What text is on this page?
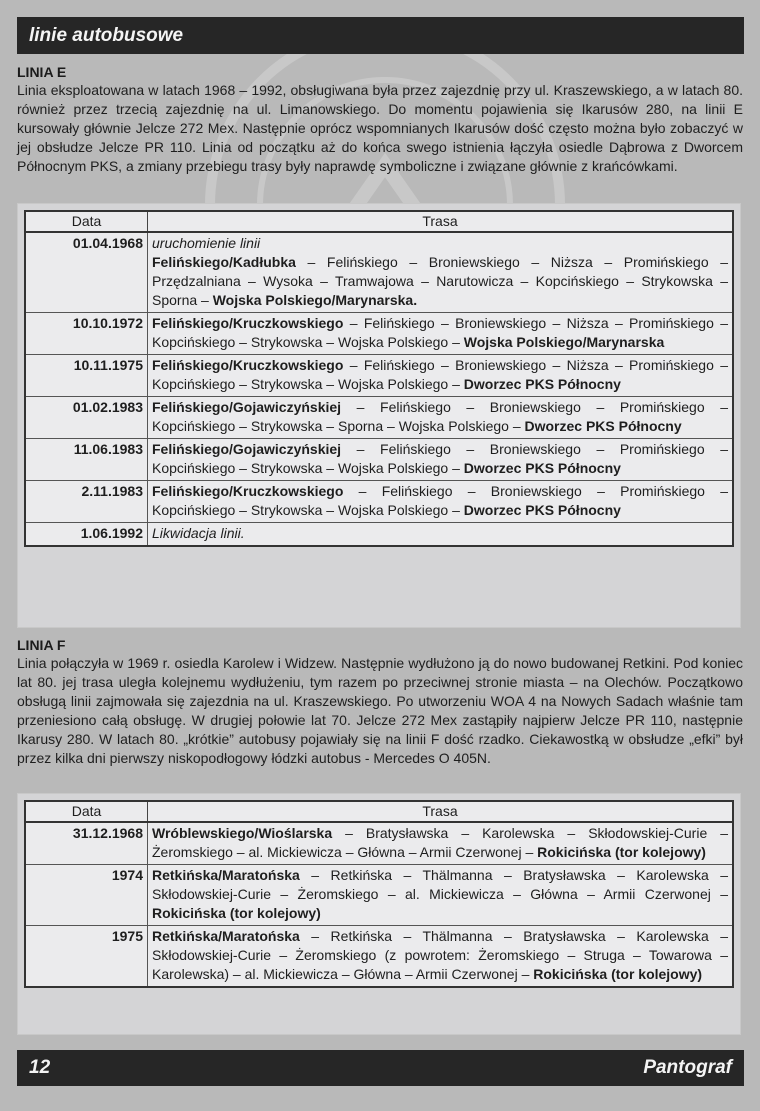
linie autobusowe
LINIA E

Linia eksploatowana w latach 1968 – 1992, obsługiwana była przez zajezdnię przy ul. Kraszewskiego, a w latach 80. również przez trzecią zajezdnię na ul. Limanowskiego. Do momentu pojawienia się Ikarusów 280, na linii E kursowały głównie Jelcze 272 Mex. Następnie oprócz wspomnianych Ikarusów dość często można było zobaczyć w jej obsłudze Jelcze PR 110. Linia od początku aż do końca swego istnienia łączyła osiedle Dąbrowa z Dworcem Północnym PKS, a zmiany przebiegu trasy były naprawdę symboliczne i związane głównie z krańcówkami.

Data	Trasa
01.04.1968	uruchomienie linii
Felińskiego/Kadłubka – Felińskiego – Broniewskiego – Niższa – Promińskiego – Przędzalniana – Wysoka – Tramwajowa – Narutowicza – Kopcińskiego – Strykowska – Sporna – Wojska Polskiego/Marynarska.
10.10.1972	Felińskiego/Kruczkowskiego – Felińskiego – Broniewskiego – Niższa – Promińskiego – Kopcińskiego – Strykowska – Wojska Polskiego – Wojska Polskiego/Marynarska
10.11.1975	Felińskiego/Kruczkowskiego – Felińskiego – Broniewskiego – Niższa – Promińskiego – Kopcińskiego – Strykowska – Wojska Polskiego – Dworzec PKS Północny
01.02.1983	Felińskiego/Gojawiczyńskiej – Felińskiego – Broniewskiego – Promińskiego – Kopcińskiego – Strykowska – Sporna – Wojska Polskiego – Dworzec PKS Północny
11.06.1983	Felińskiego/Gojawiczyńskiej – Felińskiego – Broniewskiego – Promińskiego – Kopcińskiego – Strykowska – Wojska Polskiego – Dworzec PKS Północny
2.11.1983	Felińskiego/Kruczkowskiego – Felińskiego – Broniewskiego – Promińskiego – Kopcińskiego – Strykowska – Wojska Polskiego – Dworzec PKS Północny
1.06.1992	Likwidacja linii.
LINIA F

Linia połączyła w 1969 r. osiedla Karolew i Widzew. Następnie wydłużono ją do nowo budowanej Retkini. Pod koniec lat 80. jej trasa uległa kolejnemu wydłużeniu, tym razem po przeciwnej stronie miasta – na Olechów. Początkowo obsługą linii zajmowała się zajezdnia na ul. Kraszewskiego. Po utworzeniu WOA 4 na Nowych Sadach właśnie tam przeniesiono całą obsługę. W drugiej połowie lat 70. Jelcze 272 Mex zastąpiły najpierw Jelcze PR 110, następnie Ikarusy 280. W latach 80. „krótkie” autobusy pojawiały się na linii F dość rzadko. Ciekawostką w obsłudze „efki” był przez kilka dni pierwszy niskopodłogowy łódzki autobus - Mercedes O 405N.

Data	Trasa
31.12.1968	Wróblewskiego/Wioślarska – Bratysławska – Karolewska – Skłodowskiej-Curie – Żeromskiego – al. Mickiewicza – Główna – Armii Czerwonej – Rokicińska (tor kolejowy)
1974	Retkińska/Maratońska – Retkińska – Thälmanna – Bratysławska – Karolewska – Skłodowskiej-Curie – Żeromskiego – al. Mickiewicza – Główna – Armii Czerwonej – Rokicińska (tor kolejowy)
1975	Retkińska/Maratońska – Retkińska – Thälmanna – Bratysławska – Karolewska – Skłodowskiej-Curie – Żeromskiego (z powrotem: Żeromskiego – Struga – Towarowa – Karolewska) – al. Mickiewicza – Główna – Armii Czerwonej – Rokicińska (tor kolejowy)
12	Pantograf
